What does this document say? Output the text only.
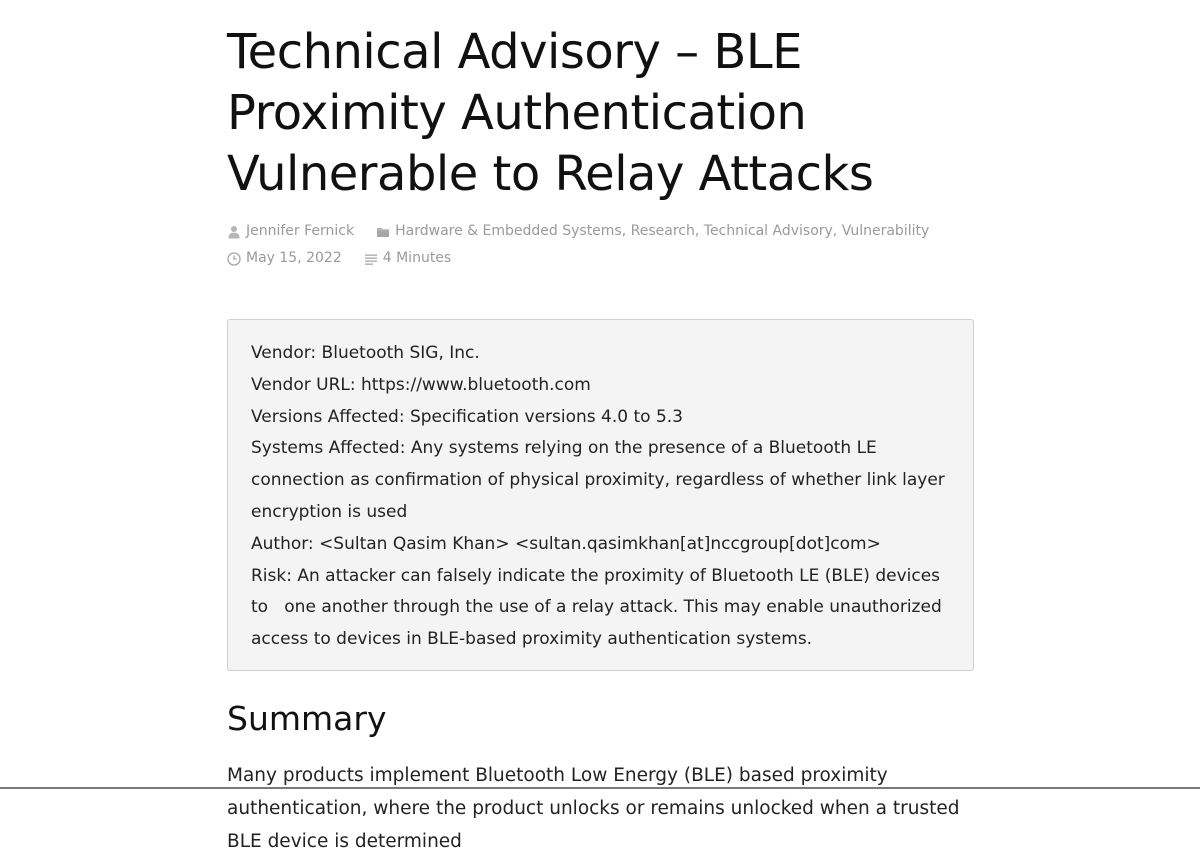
Technical Advisory – BLE Proximity Authentication Vulnerable to Relay Attacks
Jennifer Fernick	Hardware & Embedded Systems , Research , Technical Advisory , Vulnerability
May 15, 2022	4 Minutes

Vendor: Bluetooth SIG, Inc.

Vendor URL: https://www.bluetooth.com

Versions Affected: Specification versions 4.0 to 5.3

Systems Affected: Any systems relying on the presence of a Bluetooth LE connection as confirmation of physical proximity, regardless of whether link layer encryption is used

Author: <Sultan Qasim Khan> <sultan.qasimkhan[at]nccgroup[dot]com>

Risk: An attacker can falsely indicate the proximity of Bluetooth LE (BLE) devices to   one another through the use of a relay attack. This may enable unauthorized access to devices in BLE-based proximity authentication systems.

Summary

Many products implement Bluetooth Low Energy (BLE) based proximity authentication, where the product unlocks or remains unlocked when a trusted BLE device is determined
